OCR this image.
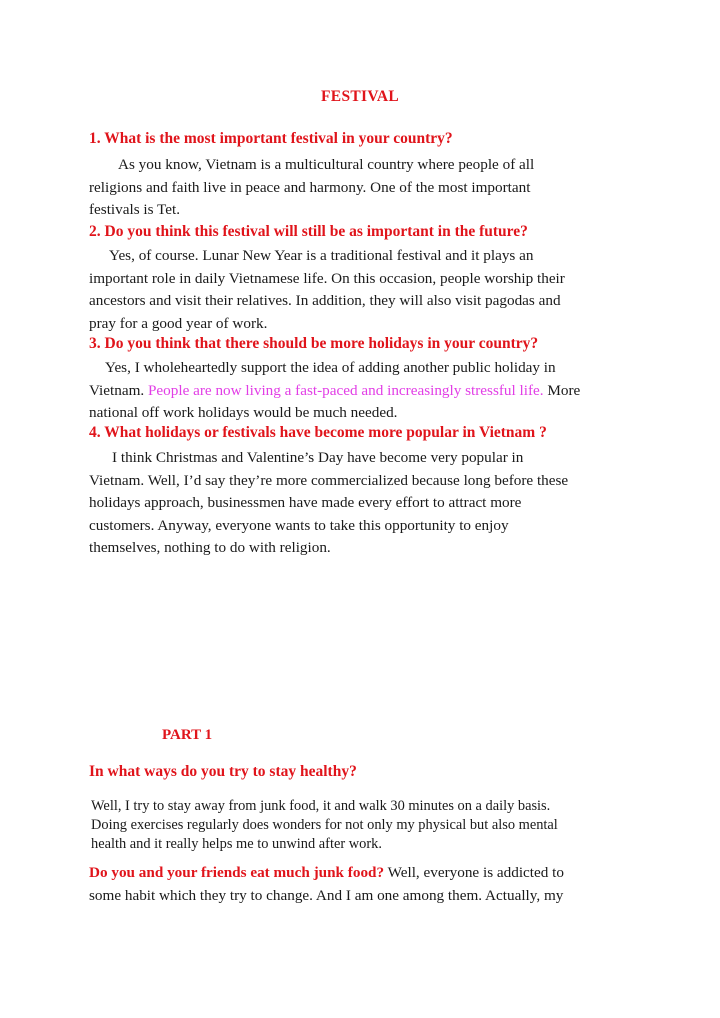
FESTIVAL
1. What is the most important festival in your country?
As you know, Vietnam is a multicultural country where people of all
religions and faith live in peace and harmony. One of the most important
festivals is Tet.
2. Do you think this festival will still be as important in the future?
Yes, of course. Lunar New Year is a traditional festival and it plays an
important role in daily Vietnamese life. On this occasion, people worship their
ancestors and visit their relatives. In addition, they will also visit pagodas and
pray for a good year of work.
3. Do you think that there should be more holidays in your country?
Yes, I wholeheartedly support the idea of adding another public holiday in
Vietnam. People are now living a fast-paced and increasingly stressful life. More
national off work holidays would be much needed.
4. What holidays or festivals have become more popular in Vietnam ?
I think Christmas and Valentine’s Day have become very popular in
Vietnam. Well, I’d say they’re more commercialized because long before these
holidays approach, businessmen have made every effort to attract more
customers. Anyway, everyone wants to take this opportunity to enjoy
themselves, nothing to do with religion.
PART 1
In what ways do you try to stay healthy?
Well, I try to stay away from junk food, it and walk 30 minutes on a daily basis.
Doing exercises regularly does wonders for not only my physical but also mental
health and it really helps me to unwind after work.
Do you and your friends eat much junk food? Well, everyone is addicted to
some habit which they try to change. And I am one among them. Actually, my
